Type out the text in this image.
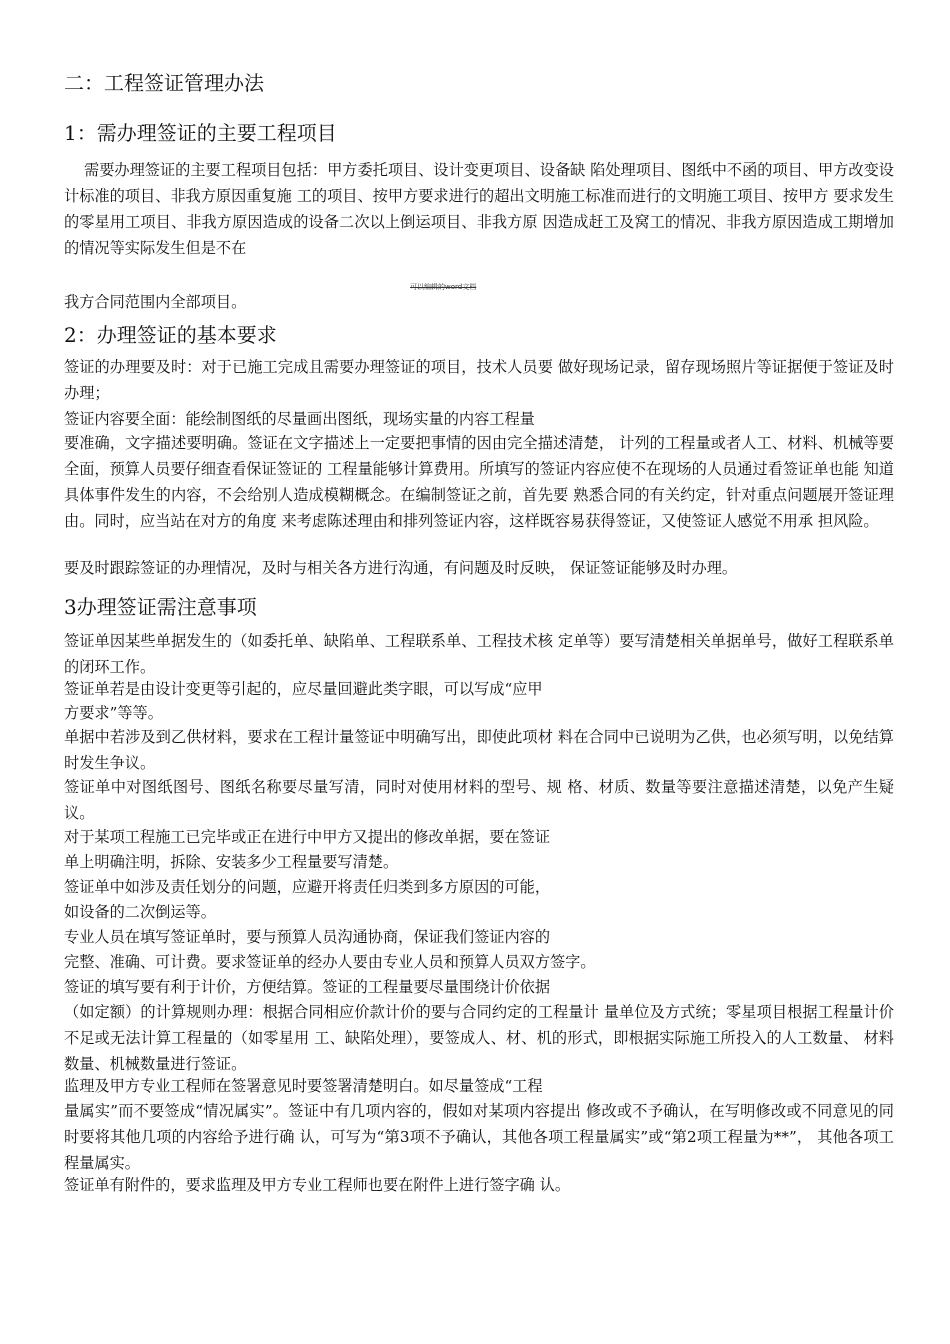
二：工程签证管理办法
1：需办理签证的主要工程项目

需要办理签证的主要工程项目包括：甲方委托项目、设计变更项目、设备缺 陷处理项目、图纸中不函的项目、甲方改变设计标准的项目、非我方原因重复施 工的项目、按甲方要求进行的超出文明施工标准而进行的文明施工项目、按甲方 要求发生的零星用工项目、非我方原因造成的设备二次以上倒运项目、非我方原 因造成赶工及窝工的情况、非我方原因造成工期增加的情况等实际发生但是不在

可以编辑的word文档

我方合同范围内全部项目。

2：办理签证的基本要求

签证的办理要及时：对于已施工完成且需要办理签证的项目，技术人员要 做好现场记录，留存现场照片等证据便于签证及时办理；

签证内容要全面：能绘制图纸的尽量画出图纸，现场实量的内容工程量

要准确，文字描述要明确。签证在文字描述上一定要把事情的因由完全描述清楚， 计列的工程量或者人工、材料、机械等要全面，预算人员要仔细查看保证签证的 工程量能够计算费用。所填写的签证内容应使不在现场的人员通过看签证单也能 知道具体事件发生的内容，不会给别人造成模糊概念。在编制签证之前，首先要 熟悉合同的有关约定，针对重点问题展开签证理由。同时，应当站在对方的角度 来考虑陈述理由和排列签证内容，这样既容易获得签证，又使签证人感觉不用承 担风险。

要及时跟踪签证的办理情况，及时与相关各方进行沟通，有问题及时反映， 保证签证能够及时办理。

3办理签证需注意事项

签证单因某些单据发生的（如委托单、缺陷单、工程联系单、工程技术核 定单等）要写清楚相关单据单号，做好工程联系单的闭环工作。

签证单若是由设计变更等引起的，应尽量回避此类字眼，可以写成“应甲

方要求”等等。

单据中若涉及到乙供材料，要求在工程计量签证中明确写出，即使此项材 料在合同中已说明为乙供，也必须写明，以免结算时发生争议。

签证单中对图纸图号、图纸名称要尽量写清，同时对使用材料的型号、规 格、材质、数量等要注意描述清楚，以免产生疑议。

对于某项工程施工已完毕或正在进行中甲方又提出的修改单据，要在签证

单上明确注明，拆除、安装多少工程量要写清楚。

签证单中如涉及责任划分的问题，应避开将责任归类到多方原因的可能，

如设备的二次倒运等。

专业人员在填写签证单时，要与预算人员沟通协商，保证我们签证内容的

完整、准确、可计费。要求签证单的经办人要由专业人员和预算人员双方签字。

签证的填写要有利于计价，方便结算。签证的工程量要尽量围绕计价依据

（如定额）的计算规则办理：根据合同相应价款计价的要与合同约定的工程量计 量单位及方式统；零星项目根据工程量计价不足或无法计算工程量的（如零星用 工、缺陷处理），要签成人、材、机的形式，即根据实际施工所投入的人工数量、 材料数量、机械数量进行签证。

监理及甲方专业工程师在签署意见时要签署清楚明白。如尽量签成“工程

量属实”而不要签成“情况属实”。签证中有几项内容的，假如对某项内容提出 修改或不予确认，在写明修改或不同意见的同时要将其他几项的内容给予进行确 认，可写为“第3项不予确认，其他各项工程量属实”或“第2项工程量为**”， 其他各项工程量属实。

签证单有附件的，要求监理及甲方专业工程师也要在附件上进行签字确 认。
